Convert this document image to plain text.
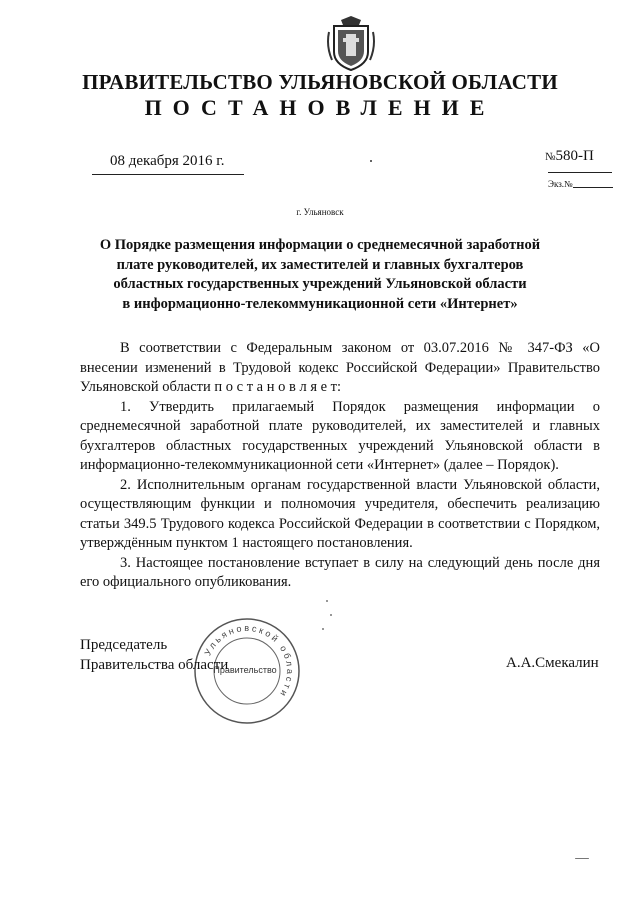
ПРАВИТЕЛЬСТВО УЛЬЯНОВСКОЙ ОБЛАСТИ
ПОСТАНОВЛЕНИЕ
08 декабря 2016 г.	№580-П
Экз.№
г. Ульяновск
О Порядке размещения информации о среднемесячной заработной
плате руководителей, их заместителей и главных бухгалтеров
областных государственных учреждений Ульяновской области
в информационно-телекоммуникационной сети «Интернет»

В соответствии с Федеральным законом от 03.07.2016 № 347-ФЗ «О внесении изменений в Трудовой кодекс Российской Федерации» Правительство Ульяновской области п о с т а н о в л я е т:

1. Утвердить прилагаемый Порядок размещения информации о среднемесячной заработной плате руководителей, их заместителей и главных бухгалтеров областных государственных учреждений Ульяновской области в информационно-телекоммуникационной сети «Интернет» (далее – Порядок).

2. Исполнительным органам государственной власти Ульяновской области, осуществляющим функции и полномочия учредителя, обеспечить реализацию статьи 349.5 Трудового кодекса Российской Федерации в соответствии с Порядком, утверждённым пунктом 1 настоящего постановления.

3. Настоящее постановление вступает в силу на следующий день после дня его официального опубликования.

Ульяновской области
Правительство
Председатель
Правительства области	А.А.Смекалин
